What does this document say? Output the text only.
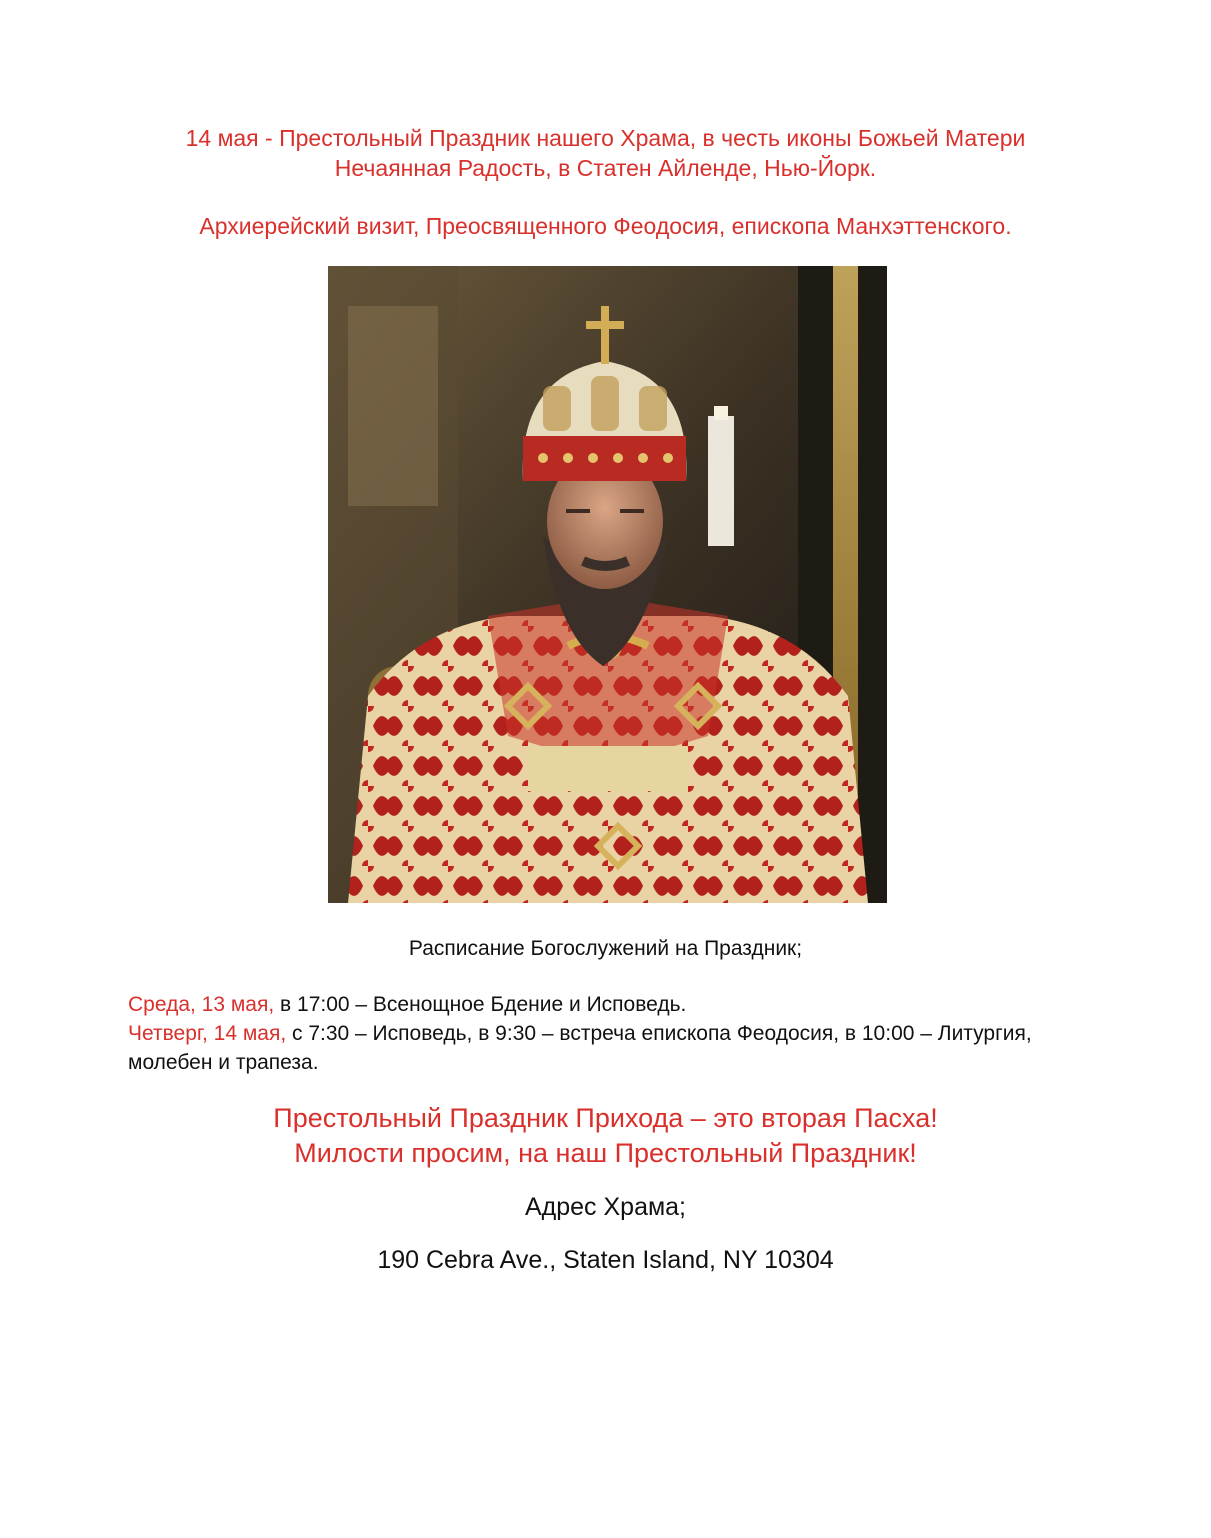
14 мая - Престольный Праздник нашего Храма, в честь иконы Божьей Матери
Нечаянная Радость, в Статен Айленде, Нью-Йорк.
Архиерейский визит, Преосвященного Феодосия, епископа Манхэттенского.
Расписание Богослужений на Праздник;

Среда, 13 мая, в 17:00 – Всенощное Бдение и Исповедь.

Четверг, 14 мая, с 7:30 – Исповедь, в 9:30 – встреча епископа Феодосия, в 10:00 – Литургия, молебен и трапеза.

Престольный Праздник Прихода – это вторая Пасха!
Милости просим, на наш Престольный Праздник!
Адрес Храма;
190 Cebra Ave., Staten Island, NY 10304
